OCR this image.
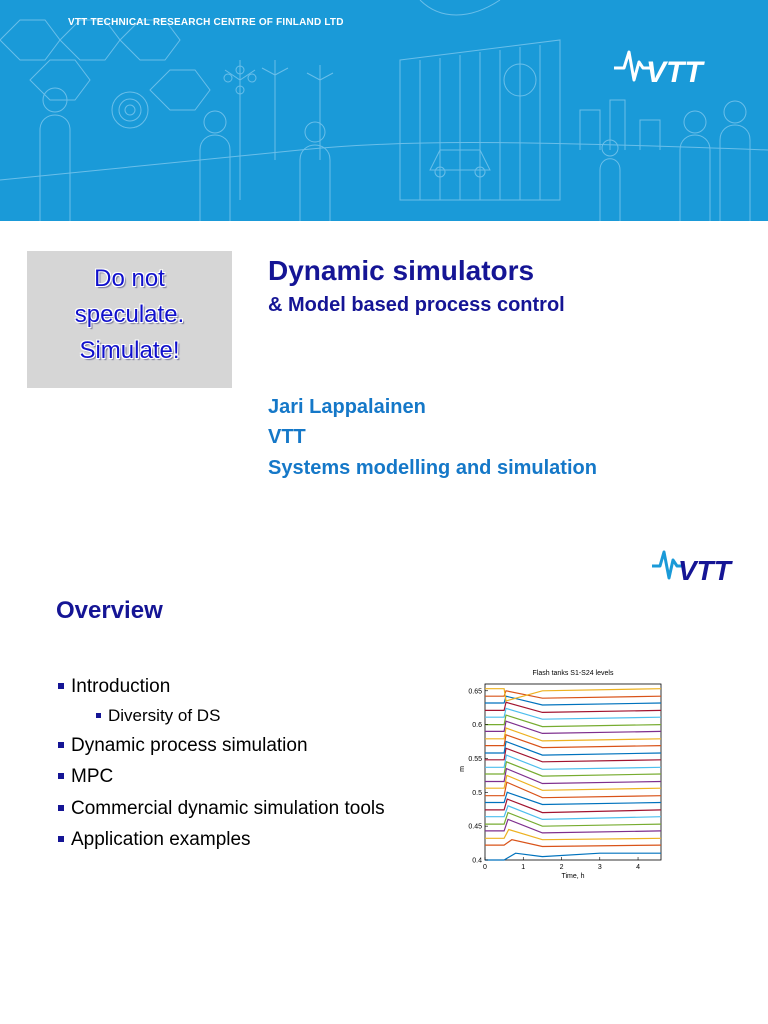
VTT TECHNICAL RESEARCH CENTRE OF FINLAND LTD
VTT
Do not
speculate.
Simulate!
Dynamic simulators
& Model based process control
Jari Lappalainen
VTT
Systems modelling and simulation
VTT
Overview
Introduction
Diversity of DS
Dynamic process simulation
MPC
Commercial dynamic simulation tools
Application examples
Flash tanks S1-S24 levels
Time, h
m
0	1	2	3	4
0.4
0.45
0.5
0.55
0.6
0.65
